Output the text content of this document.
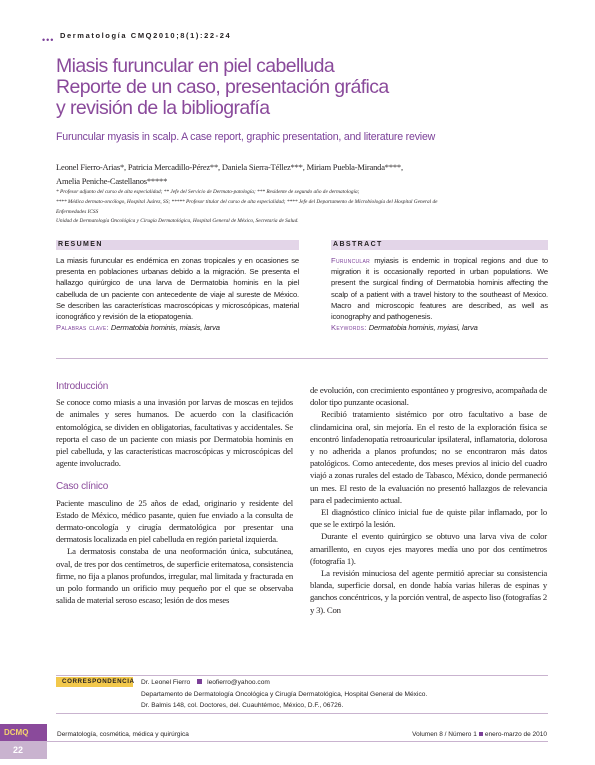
••• Dermatología CMQ2010;8(1):22-24
Miasis furuncular en piel cabelluda
Reporte de un caso, presentación gráfica
y revisión de la bibliografía
Furuncular myasis in scalp. A case report, graphic presentation, and literature review
Leonel Fierro-Arias*, Patricia Mercadillo-Pérez**, Daniela Sierra-Téllez***, Miriam Puebla-Miranda****,
Amelia Peniche-Castellanos*****
* Profesor adjunto del curso de alta especialidad; ** Jefe del Servicio de Dermato-patología; *** Residente de segundo año de dermatología;
**** Médica dermato-oncólogo, Hospital Juárez, SS; ***** Profesor titular del curso de alta especialidad; **** Jefe del Departamento de Microbiología del Hospital General de
Enfermedades ICSS
Unidad de Dermatología Oncológica y Cirugía Dermatológica, Hospital General de México, Secretaría de Salud.
RESUMEN	ABSTRACT
La miasis furuncular es endémica en zonas tropicales y en ocasiones se presenta en poblaciones urbanas debido a la migración. Se presenta el hallazgo quirúrgico de una larva de Dermatobia hominis en la piel cabelluda de un paciente con antecedente de viaje al sureste de México. Se describen las características macroscópicas y microscópicas, material iconográfico y revisión de la etiopatogenia.
Palabras clave: Dermatobia hominis, miasis, larva
Furuncular myiasis is endemic in tropical regions and due to migration it is occasionally reported in urban populations. We present the surgical finding of Dermatobia hominis affecting the scalp of a patient with a travel history to the southeast of Mexico. Macro and microscopic features are described, as well as iconography and pathogenesis.
Keywords: Dermatobia hominis, myiasi, larva
Introducción

Se conoce como miasis a una invasión por larvas de moscas en tejidos de animales y seres humanos. De acuerdo con la clasificación entomológica, se dividen en obligatorias, facultativas y accidentales. Se reporta el caso de un paciente con miasis por Dermatobia hominis en piel cabelluda, y las características macroscópicas y microscópicas del agente involucrado.

Caso clínico

Paciente masculino de 25 años de edad, originario y residente del Estado de México, médico pasante, quien fue enviado a la consulta de dermato-oncología y cirugía dermatológica por presentar una dermatosis localizada en piel cabelluda en región parietal izquierda.

La dermatosis constaba de una neoformación única, subcutánea, oval, de tres por dos centímetros, de superficie eritematosa, consistencia firme, no fija a planos profundos, irregular, mal limitada y fracturada en un polo formando un orificio muy pequeño por el que se observaba salida de material seroso escaso; lesión de dos meses

de evolución, con crecimiento espontáneo y progresivo, acompañada de dolor tipo punzante ocasional.

Recibió tratamiento sistémico por otro facultativo a base de clindamicina oral, sin mejoría. En el resto de la exploración física se encontró linfadenopatía retroauricular ipsilateral, inflamatoria, dolorosa y no adherida a planos profundos; no se encontraron más datos patológicos. Como antecedente, dos meses previos al inicio del cuadro viajó a zonas rurales del estado de Tabasco, México, donde permaneció un mes. El resto de la evaluación no presentó hallazgos de relevancia para el padecimiento actual.

El diagnóstico clínico inicial fue de quiste pilar inflamado, por lo que se le extirpó la lesión.

Durante el evento quirúrgico se obtuvo una larva viva de color amarillento, en cuyos ejes mayores medía uno por dos centímetros (fotografía 1).

La revisión minuciosa del agente permitió apreciar su consistencia blanda, superficie dorsal, en donde había varias hileras de espinas y ganchos concéntricos, y la porción ventral, de aspecto liso (fotografías 2 y 3). Con

CORRESPONDENCIA Dr. Leonel Fierro	leofierro@yahoo.com
Departamento de Dermatología Oncológica y Cirugía Dermatológica, Hospital General de México.
Dr. Balmis 148, col. Doctores, del. Cuauhtémoc, México, D.F., 06726.
DCMQ
22
Dermatología, cosmética, médica y quirúrgica	Volumen 8 / Número 1 enero-marzo de 2010
